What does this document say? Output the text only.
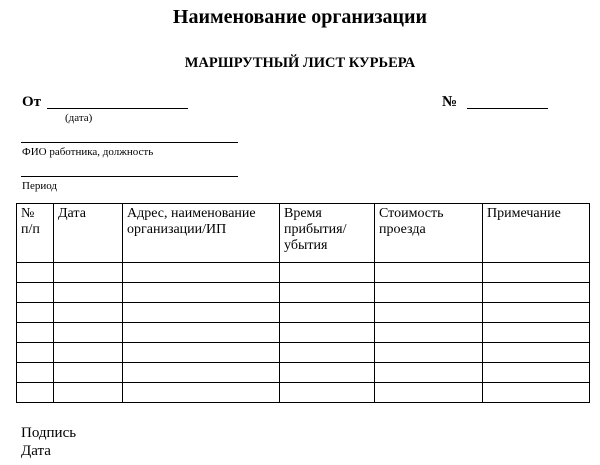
Наименование организации
МАРШРУТНЫЙ ЛИСТ КУРЬЕРА
От
(дата)
№
ФИО работника, должность
Период
№ п/п	Дата	Адрес, наименование организации/ИП	Время прибытия/ убытия	Стоимость проезда	Примечание

Подпись
Дата
